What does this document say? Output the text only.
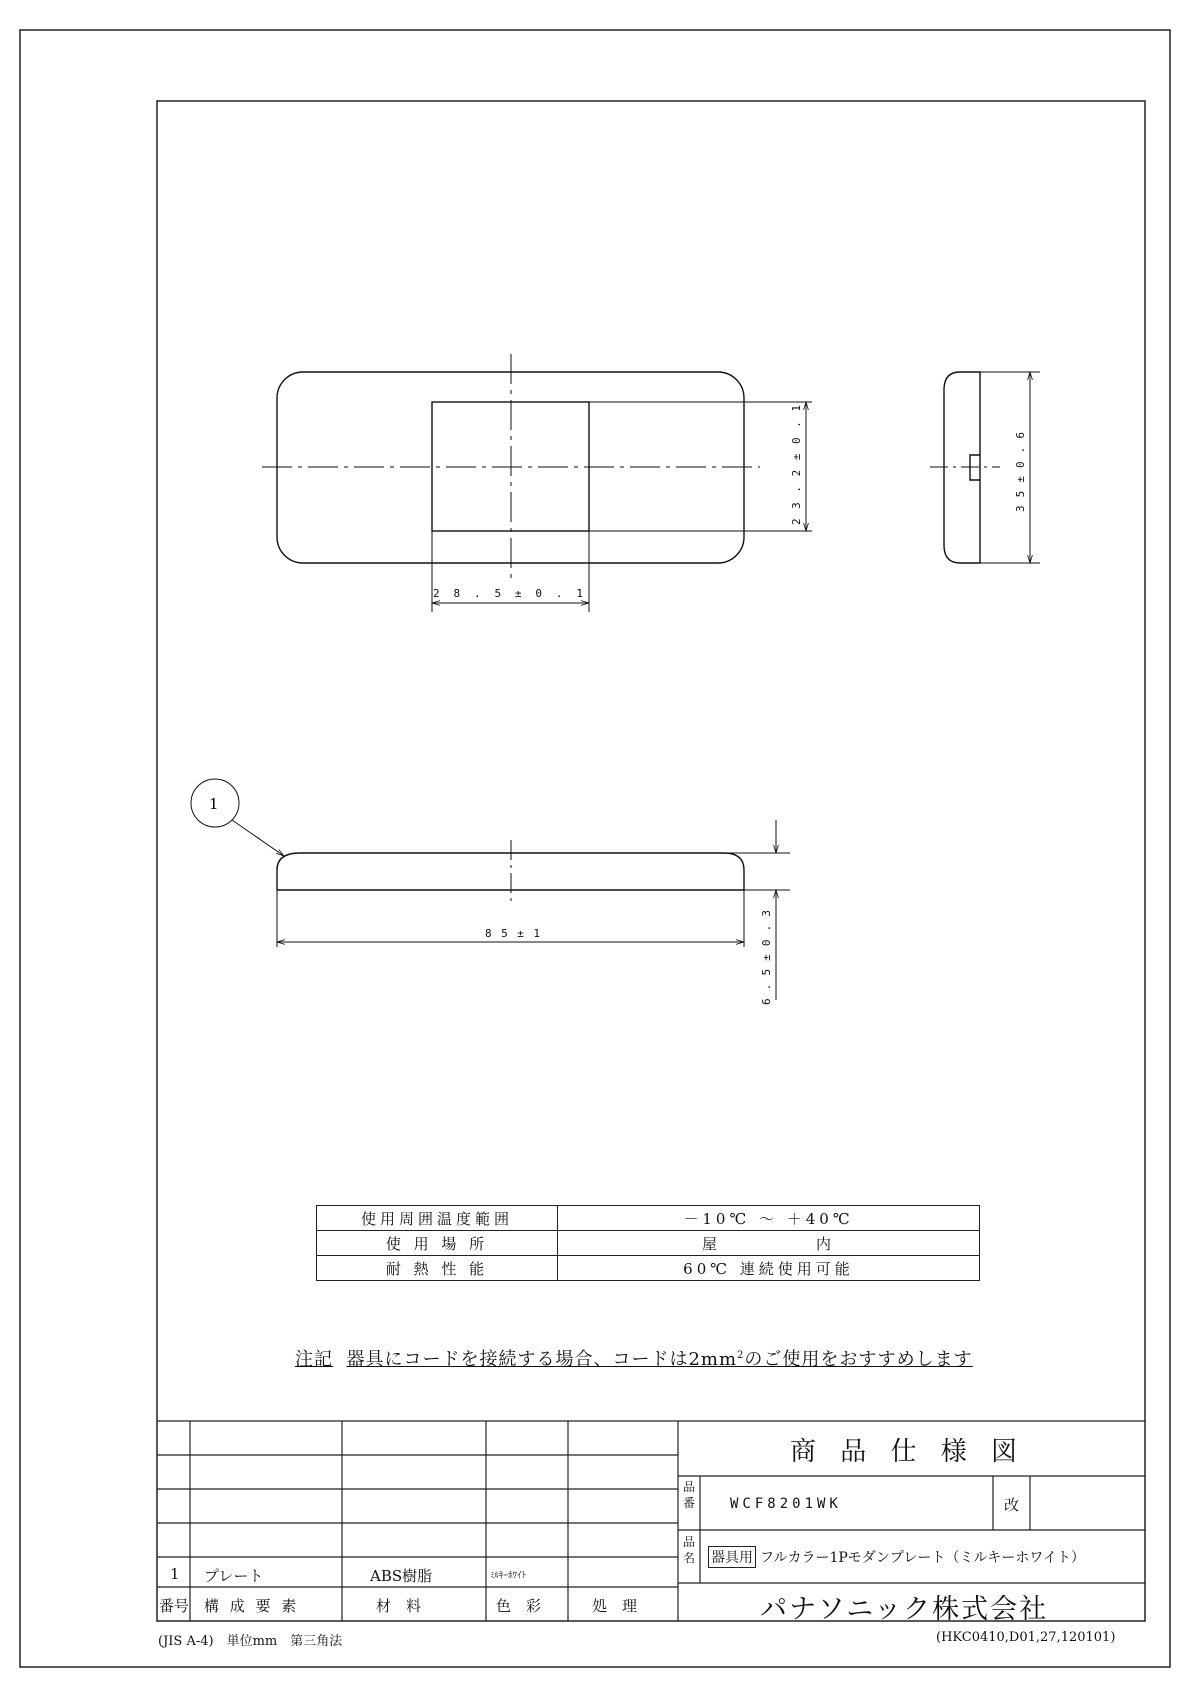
28.5±0.1
23.2±0.1
35±0.6
85±1
6.5±0.3
1
使用周囲温度範囲	－10℃ ～ ＋40℃
使 用 場 所	屋　　　　　内
耐 熱 性 能	60℃ 連続使用可能
注記 器具にコードを接続する場合、コードは$2mm^2$のご使用をおすすめします
1 プレート	ABS樹脂	ﾐﾙｷｰﾎﾜｲﾄ
番号 構 成 要 素	材　料	色　彩	処　理
商 品 仕 様 図
品番 WCF8201WK	改
品名 器具用 フルカラー1Pモダンプレート（ミルキーホワイト）
パナソニック株式会社
(JIS A-4)　単位mm　第三角法	(HKC0410,D01,27,120101)
